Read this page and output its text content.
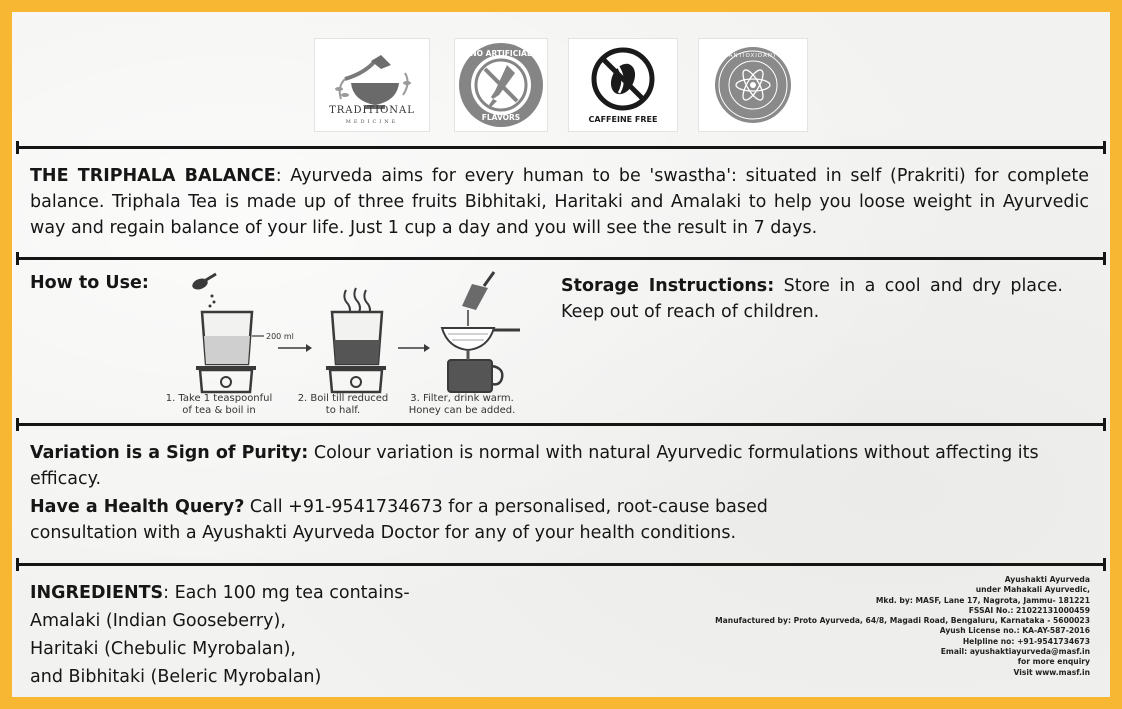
TRADITIONAL
MEDICINE
NO ARTIFICIAL
FLAVORS	CAFFEINE FREE
ANTIOXIDANT
THE TRIPHALA BALANCE: Ayurveda aims for every human to be 'swastha': situated in self (Prakriti) for complete balance. Triphala Tea is made up of three fruits Bibhitaki, Haritaki and Amalaki to help you loose weight in Ayurvedic way and regain balance of your life. Just 1 cup a day and you will see the result in 7 days.
How to Use:
200 ml
1. Take 1 teaspoonful
of tea & boil in
2. Boil till reduced
to half.
3. Filter, drink warm.
Honey can be added.
Storage Instructions: Store in a cool and dry place. Keep out of reach of children.
Variation is a Sign of Purity: Colour variation is normal with natural Ayurvedic formulations without affecting its efficacy.
Have a Health Query? Call +91-9541734673 for a personalised, root-cause based consultation with a Ayushakti Ayurveda Doctor for any of your health conditions.
INGREDIENTS: Each 100 mg tea contains-
Amalaki (Indian Gooseberry),
Haritaki (Chebulic Myrobalan),
and Bibhitaki (Beleric Myrobalan)
Ayushakti Ayurveda
under Mahakali Ayurvedic,
Mkd. by: MASF, Lane 17, Nagrota, Jammu- 181221
FSSAI No.: 21022131000459
Manufactured by: Proto Ayurveda, 64/8, Magadi Road, Bengaluru, Karnataka - 5600023
Ayush License no.: KA-AY-587-2016
Helpline no: +91-9541734673
Email: ayushaktiayurveda@masf.in
for more enquiry
Visit www.masf.in
